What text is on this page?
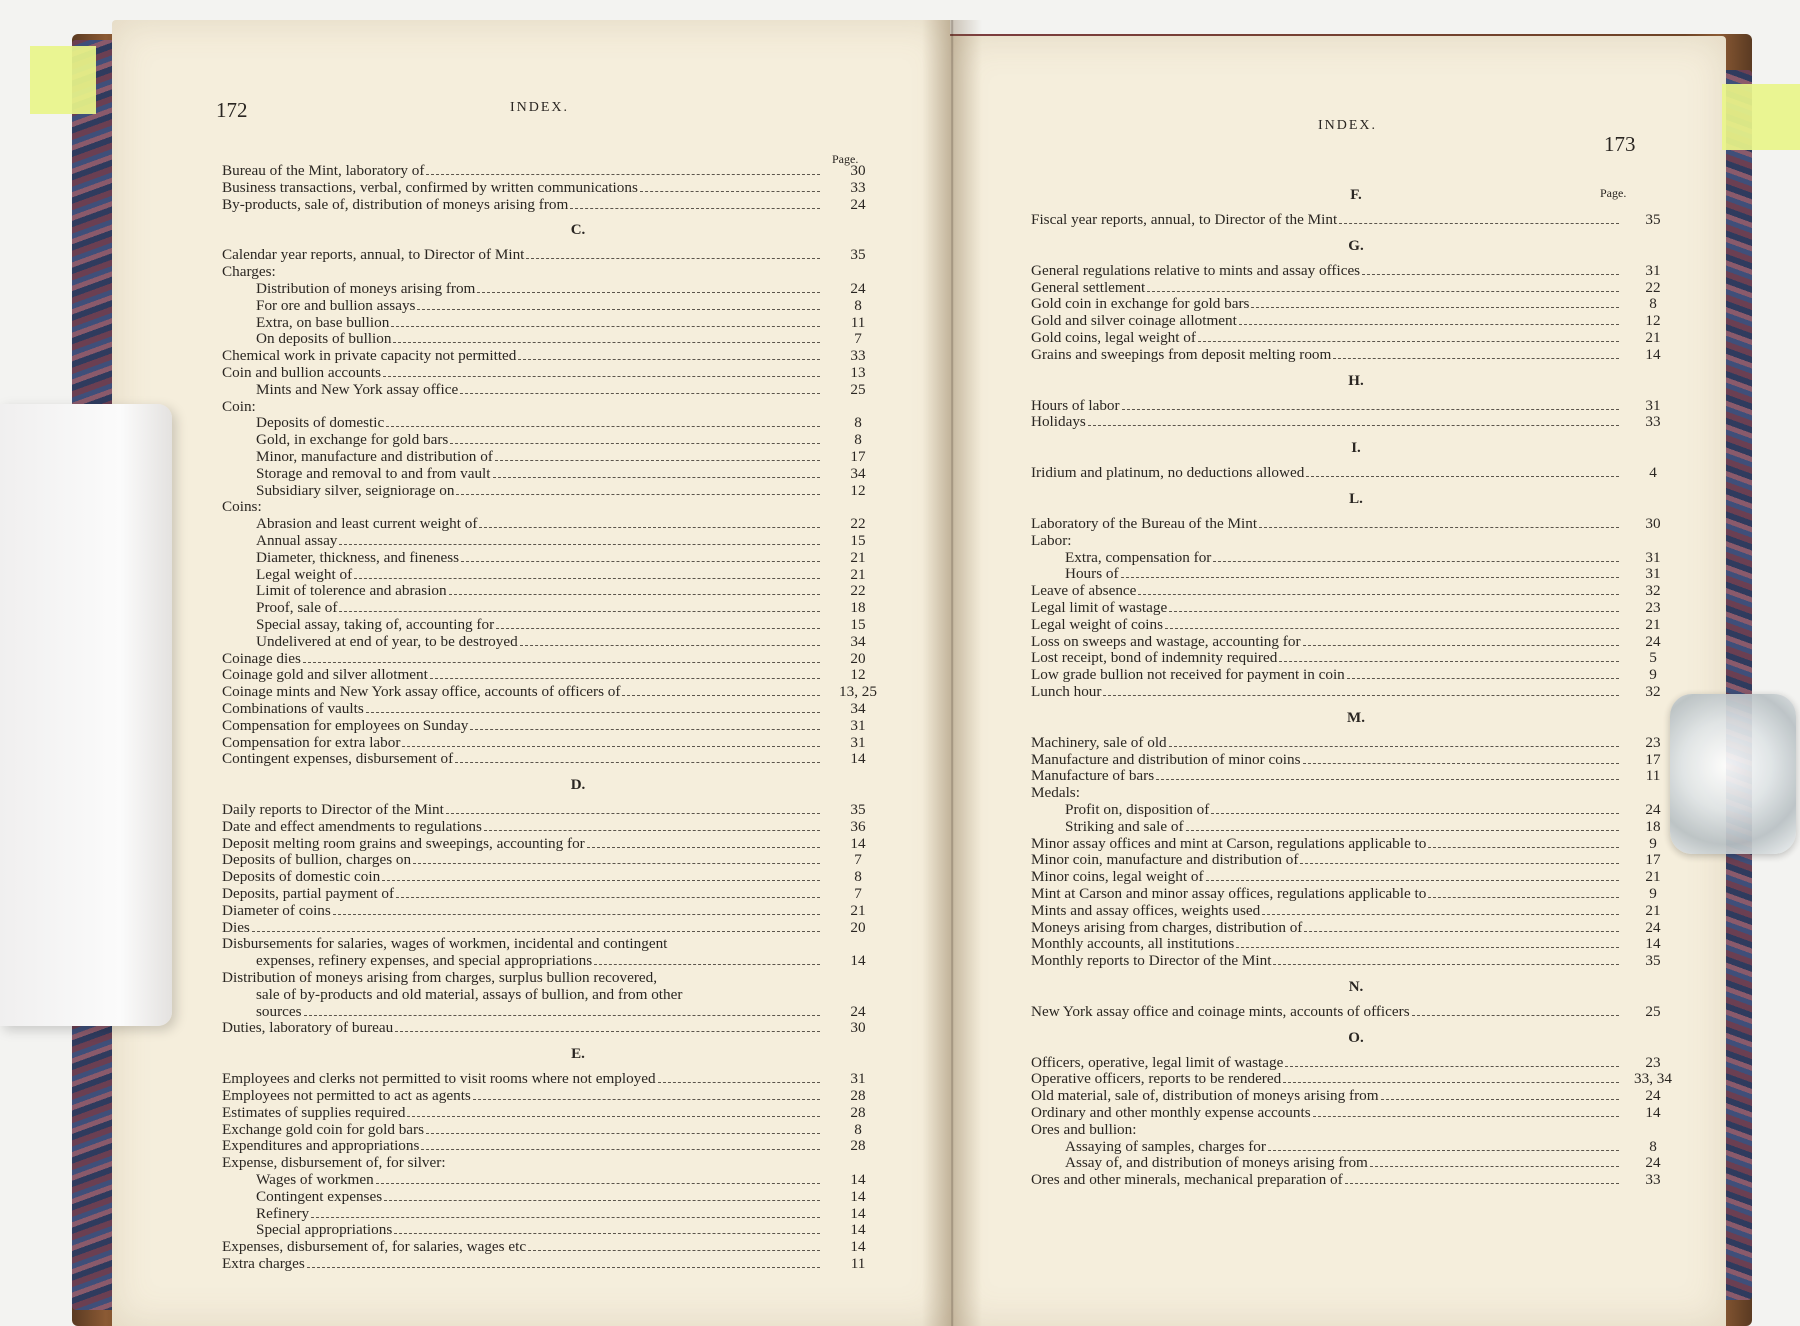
172	INDEX.
Page.
Bureau of the Mint, laboratory of	30
Business transactions, verbal, confirmed by written communications	33
By-products, sale of, distribution of moneys arising from	24
C.
Calendar year reports, annual, to Director of Mint	35
Charges:
Distribution of moneys arising from	24
For ore and bullion assays	8
Extra, on base bullion	11
On deposits of bullion	7
Chemical work in private capacity not permitted	33
Coin and bullion accounts	13
Mints and New York assay office	25
Coin:
Deposits of domestic	8
Gold, in exchange for gold bars	8
Minor, manufacture and distribution of	17
Storage and removal to and from vault	34
Subsidiary silver, seigniorage on	12
Coins:
Abrasion and least current weight of	22
Annual assay	15
Diameter, thickness, and fineness	21
Legal weight of	21
Limit of tolerence and abrasion	22
Proof, sale of	18
Special assay, taking of, accounting for	15
Undelivered at end of year, to be destroyed	34
Coinage dies	20
Coinage gold and silver allotment	12
Coinage mints and New York assay office, accounts of officers of	13, 25
Combinations of vaults	34
Compensation for employees on Sunday	31
Compensation for extra labor	31
Contingent expenses, disbursement of	14
D.
Daily reports to Director of the Mint	35
Date and effect amendments to regulations	36
Deposit melting room grains and sweepings, accounting for	14
Deposits of bullion, charges on	7
Deposits of domestic coin	8
Deposits, partial payment of	7
Diameter of coins	21
Dies	20
Disbursements for salaries, wages of workmen, incidental and contingent
expenses, refinery expenses, and special appropriations	14
Distribution of moneys arising from charges, surplus bullion recovered,
sale of by-products and old material, assays of bullion, and from other
sources	24
Duties, laboratory of bureau	30
E.
Employees and clerks not permitted to visit rooms where not employed	31
Employees not permitted to act as agents	28
Estimates of supplies required	28
Exchange gold coin for gold bars	8
Expenditures and appropriations	28
Expense, disbursement of, for silver:
Wages of workmen	14
Contingent expenses	14
Refinery	14
Special appropriations	14
Expenses, disbursement of, for salaries, wages etc	14
Extra charges	11
INDEX.
173
Page.
F.
Fiscal year reports, annual, to Director of the Mint	35
G.
General regulations relative to mints and assay offices	31
General settlement	22
Gold coin in exchange for gold bars	8
Gold and silver coinage allotment	12
Gold coins, legal weight of	21
Grains and sweepings from deposit melting room	14
H.
Hours of labor	31
Holidays	33
I.
Iridium and platinum, no deductions allowed	4
L.
Laboratory of the Bureau of the Mint	30
Labor:
Extra, compensation for	31
Hours of	31
Leave of absence	32
Legal limit of wastage	23
Legal weight of coins	21
Loss on sweeps and wastage, accounting for	24
Lost receipt, bond of indemnity required	5
Low grade bullion not received for payment in coin	9
Lunch hour	32
M.
Machinery, sale of old	23
Manufacture and distribution of minor coins	17
Manufacture of bars	11
Medals:
Profit on, disposition of	24
Striking and sale of	18
Minor assay offices and mint at Carson, regulations applicable to	9
Minor coin, manufacture and distribution of	17
Minor coins, legal weight of	21
Mint at Carson and minor assay offices, regulations applicable to	9
Mints and assay offices, weights used	21
Moneys arising from charges, distribution of	24
Monthly accounts, all institutions	14
Monthly reports to Director of the Mint	35
N.
New York assay office and coinage mints, accounts of officers	25
O.
Officers, operative, legal limit of wastage	23
Operative officers, reports to be rendered	33, 34
Old material, sale of, distribution of moneys arising from	24
Ordinary and other monthly expense accounts	14
Ores and bullion:
Assaying of samples, charges for	8
Assay of, and distribution of moneys arising from	24
Ores and other minerals, mechanical preparation of	33
